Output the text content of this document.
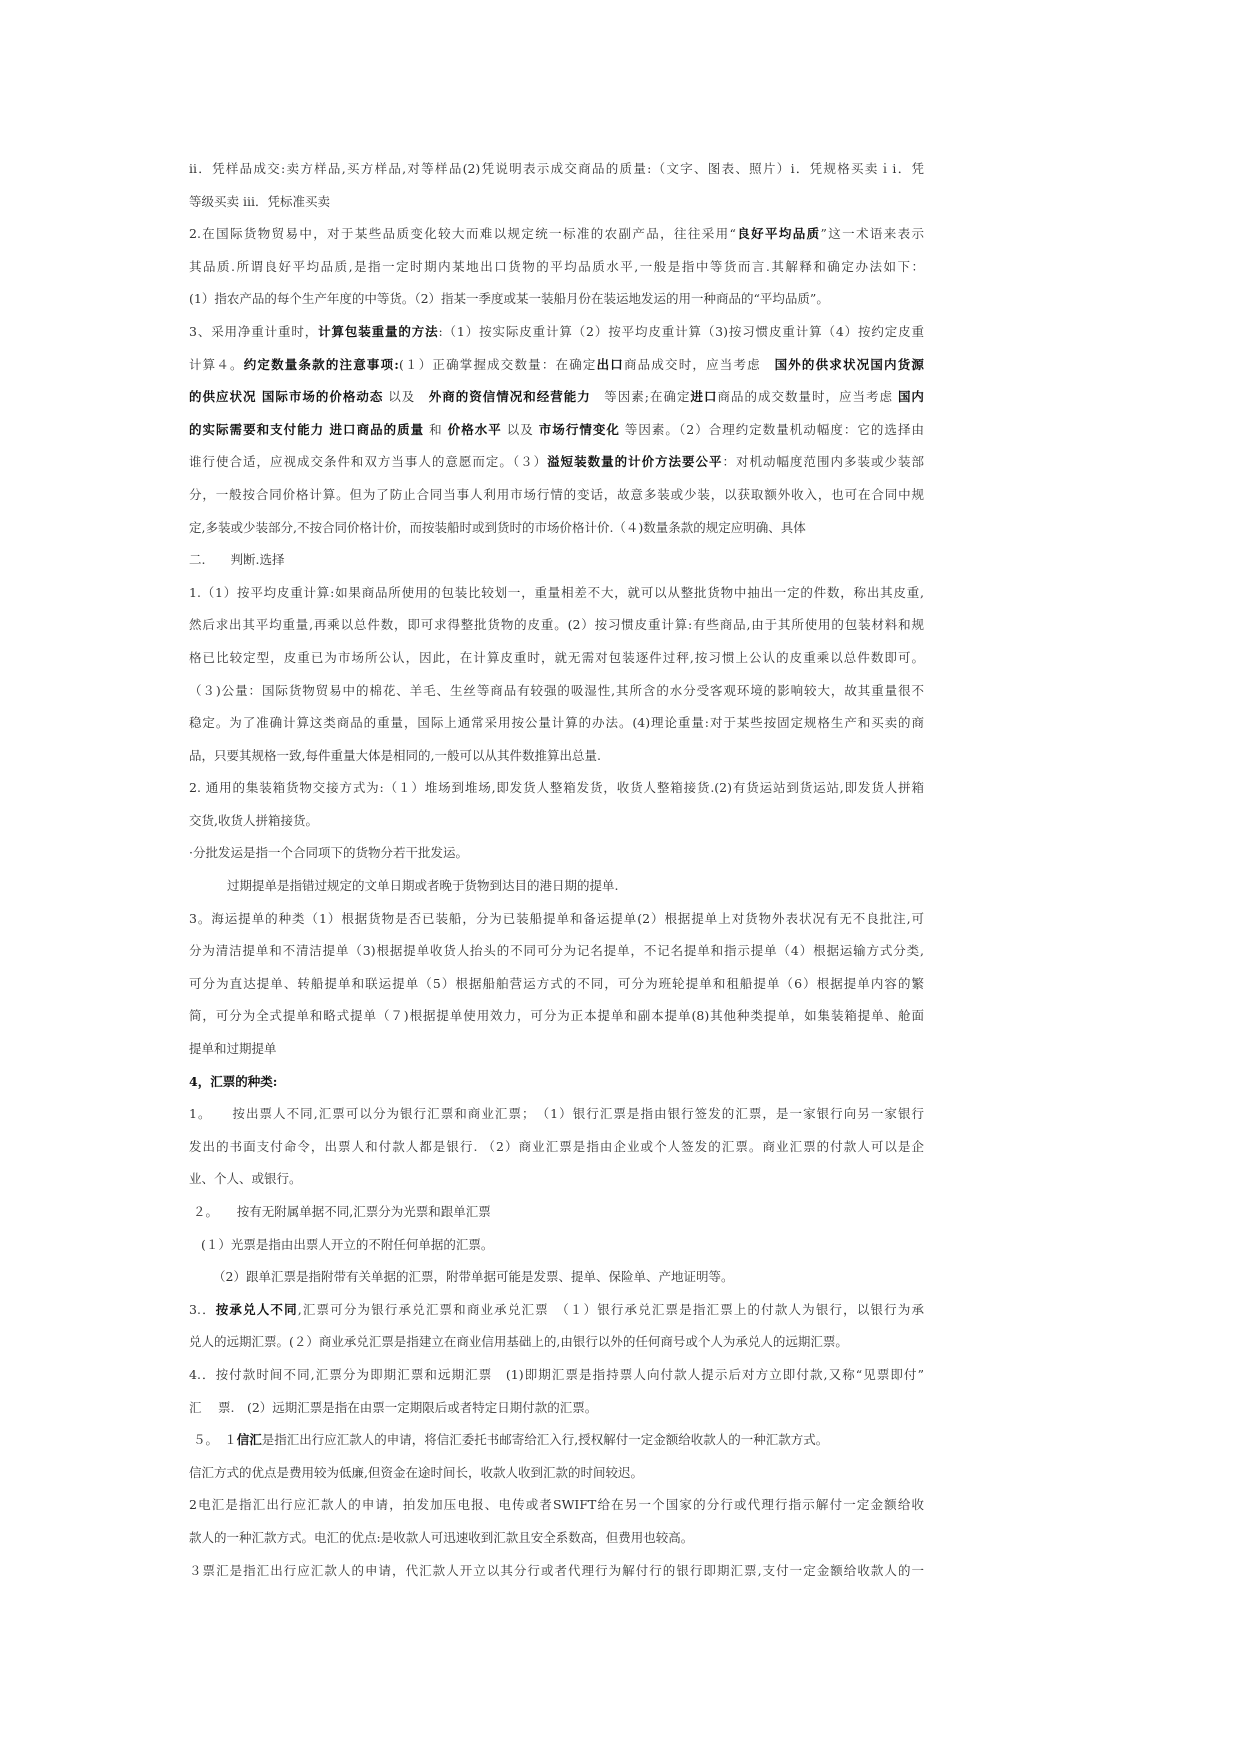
ii．凭样品成交:卖方样品,买方样品,对等样品(2)凭说明表示成交商品的质量:（文字、图表、照片）i．凭规格买卖ｉi．凭
等级买卖 iii．凭标准买卖
2.在国际货物贸易中，对于某些品质变化较大而难以规定统一标准的农副产品，往往采用“良好平均品质”这一术语来表示
其品质.所谓良好平均品质,是指一定时期内某地出口货物的平均品质水平,一般是指中等货而言.其解释和确定办法如下：
(1）指农产品的每个生产年度的中等货。（2）指某一季度或某一装船月份在装运地发运的用一种商品的“平均品质”。
3、采用净重计重时，计算包装重量的方法:（1）按实际皮重计算（2）按平均皮重计算（3)按习惯皮重计算（4）按约定皮重
计算４。约定数量条款的注意事项:(１）正确掌握成交数量：在确定出口商品成交时，应当考虑　国外的供求状况国内货源
的供应状况 国际市场的价格动态 以及　外商的资信情况和经营能力　等因素;在确定进口商品的成交数量时，应当考虑 国内
的实际需要和支付能力 进口商品的质量 和 价格水平 以及 市场行情变化 等因素。（2）合理约定数量机动幅度：它的选择由
谁行使合适，应视成交条件和双方当事人的意愿而定。（３）溢短装数量的计价方法要公平：对机动幅度范围内多装或少装部
分，一般按合同价格计算。但为了防止合同当事人利用市场行情的变话，故意多装或少装，以获取额外收入，也可在合同中规
定,多装或少装部分,不按合同价格计价，而按装船时或到货时的市场价格计价.（４)数量条款的规定应明确、具体
二.　　判断.选择
1.（1）按平均皮重计算:如果商品所使用的包装比较划一，重量相差不大，就可以从整批货物中抽出一定的件数，称出其皮重,
然后求出其平均重量,再乘以总件数，即可求得整批货物的皮重。(2）按习惯皮重计算:有些商品,由于其所使用的包装材料和规
格已比较定型，皮重已为市场所公认，因此，在计算皮重时，就无需对包装逐件过秤,按习惯上公认的皮重乘以总件数即可。
（３)公量：国际货物贸易中的棉花、羊毛、生丝等商品有较强的吸湿性,其所含的水分受客观环境的影响较大，故其重量很不
稳定。为了准确计算这类商品的重量，国际上通常采用按公量计算的办法。(4)理论重量:对于某些按固定规格生产和买卖的商
品，只要其规格一致,每件重量大体是相同的,一般可以从其件数推算出总量.
2. 通用的集装箱货物交接方式为:（１）堆场到堆场,即发货人整箱发货，收货人整箱接货.(2)有货运站到货运站,即发货人拼箱
交货,收货人拼箱接货。
·分批发运是指一个合同项下的货物分若干批发运。
过期提单是指错过规定的文单日期或者晚于货物到达目的港日期的提单.
3。海运提单的种类（1）根据货物是否已装船，分为已装船提单和备运提单(2）根据提单上对货物外表状况有无不良批注,可
分为清洁提单和不清洁提单（3)根据提单收货人抬头的不同可分为记名提单，不记名提单和指示提单（4）根据运输方式分类,
可分为直达提单、转船提单和联运提单（5）根据船舶营运方式的不同，可分为班轮提单和租船提单（6）根据提单内容的繁
简，可分为全式提单和略式提单（７)根据提单使用效力，可分为正本提单和副本提单(8)其他种类提单，如集装箱提单、舱面
提单和过期提单
4，汇票的种类:
1。　　按出票人不同,汇票可以分为银行汇票和商业汇票；　（1）银行汇票是指由银行签发的汇票，是一家银行向另一家银行
发出的书面支付命令，出票人和付款人都是银行. （2）商业汇票是指由企业或个人签发的汇票。商业汇票的付款人可以是企
业、个人、或银行。
２。　　按有无附属单据不同,汇票分为光票和跟单汇票
(１）光票是指由出票人开立的不附任何单据的汇票。
（2）跟单汇票是指附带有关单据的汇票，附带单据可能是发票、提单、保险单、产地证明等。
3.．按承兑人不同,汇票可分为银行承兑汇票和商业承兑汇票　（１）银行承兑汇票是指汇票上的付款人为银行，以银行为承
兑人的远期汇票。(２）商业承兑汇票是指建立在商业信用基础上的,由银行以外的任何商号或个人为承兑人的远期汇票。
4.．按付款时间不同,汇票分为即期汇票和远期汇票　(1)即期汇票是指持票人向付款人提示后对方立即付款,又称“见票即付”
汇　 票.　(2）远期汇票是指在由票一定期限后或者特定日期付款的汇票。
５。　１信汇是指汇出行应汇款人的申请，将信汇委托书邮寄给汇入行,授权解付一定金额给收款人的一种汇款方式。
信汇方式的优点是费用较为低廉,但资金在途时间长，收款人收到汇款的时间较迟。
2电汇是指汇出行应汇款人的申请，拍发加压电报、电传或者SWIFT给在另一个国家的分行或代理行指示解付一定金额给收
款人的一种汇款方式。电汇的优点:是收款人可迅速收到汇款且安全系数高，但费用也较高。
３票汇是指汇出行应汇款人的申请，代汇款人开立以其分行或者代理行为解付行的银行即期汇票,支付一定金额给收款人的一
